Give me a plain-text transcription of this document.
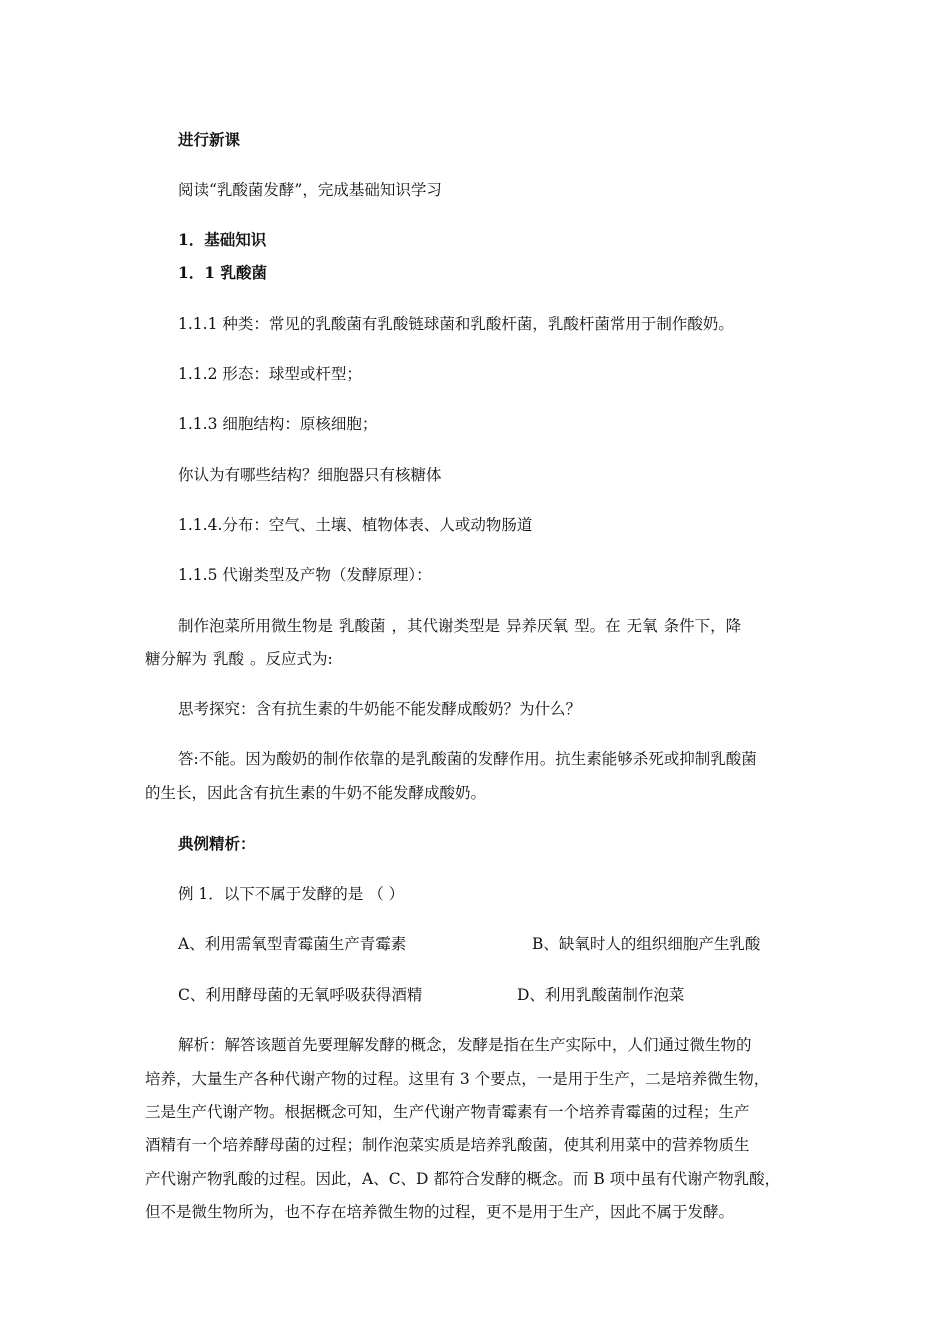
进行新课
阅读“乳酸菌发酵”，完成基础知识学习
1．基础知识
1．1 乳酸菌
1.1.1 种类：常见的乳酸菌有乳酸链球菌和乳酸杆菌，乳酸杆菌常用于制作酸奶。
1.1.2 形态：球型或杆型；
1.1.3 细胞结构：原核细胞；
你认为有哪些结构？细胞器只有核糖体
1.1.4.分布：空气、土壤、植物体表、人或动物肠道
1.1.5 代谢类型及产物（发酵原理）：
制作泡菜所用微生物是 乳酸菌 ，其代谢类型是 异养厌氧 型。在 无氧 条件下，降
糖分解为 乳酸 。反应式为:
思考探究：含有抗生素的牛奶能不能发酵成酸奶？为什么？
答:不能。因为酸奶的制作依靠的是乳酸菌的发酵作用。抗生素能够杀死或抑制乳酸菌
的生长，因此含有抗生素的牛奶不能发酵成酸奶。
典例精析：
例 1．以下不属于发酵的是 （ ）
A、利用需氧型青霉菌生产青霉素	B、缺氧时人的组织细胞产生乳酸
C、利用酵母菌的无氧呼吸获得酒精	D、利用乳酸菌制作泡菜
解析：解答该题首先要理解发酵的概念，发酵是指在生产实际中，人们通过微生物的
培养，大量生产各种代谢产物的过程。这里有 3 个要点，一是用于生产，二是培养微生物，
三是生产代谢产物。根据概念可知，生产代谢产物青霉素有一个培养青霉菌的过程；生产
酒精有一个培养酵母菌的过程；制作泡菜实质是培养乳酸菌，使其利用菜中的营养物质生
产代谢产物乳酸的过程。因此，A、C、D 都符合发酵的概念。而 B 项中虽有代谢产物乳酸，
但不是微生物所为，也不存在培养微生物的过程，更不是用于生产，因此不属于发酵。
